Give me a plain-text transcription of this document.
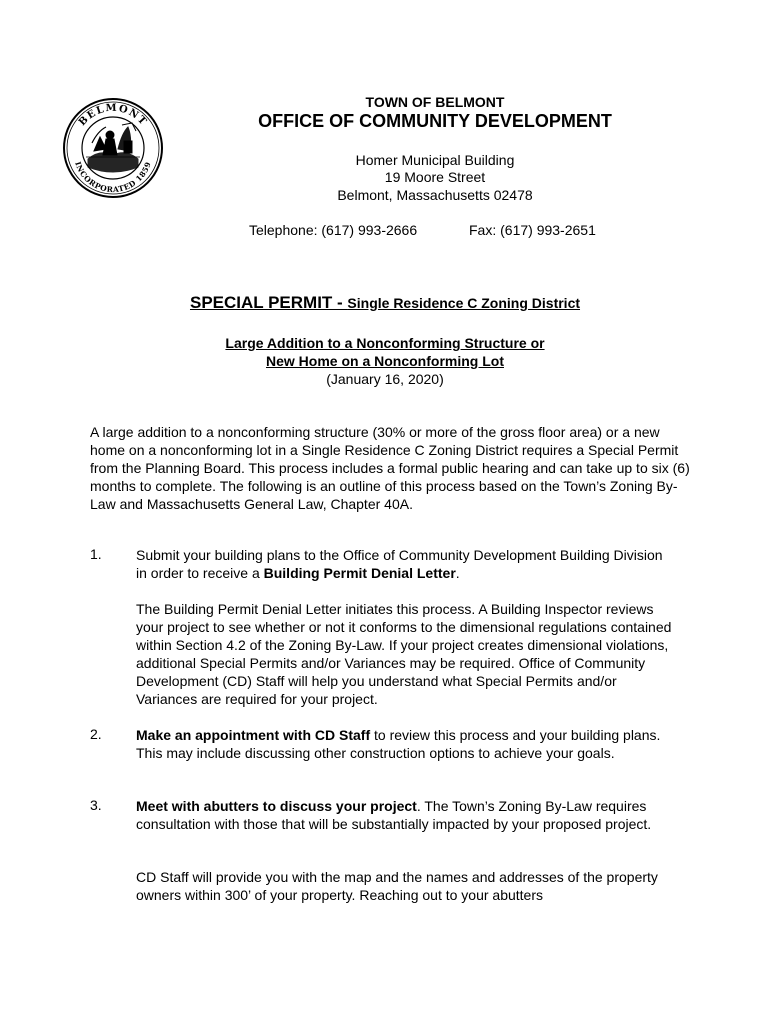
BELMONT
INCORPORATED 1859
TOWN OF BELMONT
OFFICE OF COMMUNITY DEVELOPMENT
Homer Municipal Building
19 Moore Street
Belmont, Massachusetts 02478
Telephone: (617) 993-2666	Fax: (617) 993-2651
SPECIAL PERMIT - Single Residence C Zoning District
Large Addition to a Nonconforming Structure or
New Home on a Nonconforming Lot
(January 16, 2020)
A large addition to a nonconforming structure (30% or more of the gross floor area) or a new home on a nonconforming lot in a Single Residence C Zoning District requires a Special Permit from the Planning Board. This process includes a formal public hearing and can take up to six (6) months to complete. The following is an outline of this process based on the Town’s Zoning By-Law and Massachusetts General Law, Chapter 40A.
1. Submit your building plans to the Office of Community Development Building Division in order to receive a Building Permit Denial Letter.
The Building Permit Denial Letter initiates this process. A Building Inspector reviews your project to see whether or not it conforms to the dimensional regulations contained within Section 4.2 of the Zoning By-Law. If your project creates dimensional violations, additional Special Permits and/or Variances may be required. Office of Community Development (CD) Staff will help you understand what Special Permits and/or Variances are required for your project.
2. Make an appointment with CD Staff to review this process and your building plans. This may include discussing other construction options to achieve your goals.
3. Meet with abutters to discuss your project. The Town’s Zoning By-Law requires consultation with those that will be substantially impacted by your proposed project.
CD Staff will provide you with the map and the names and addresses of the property owners within 300’ of your property. Reaching out to your abutters
